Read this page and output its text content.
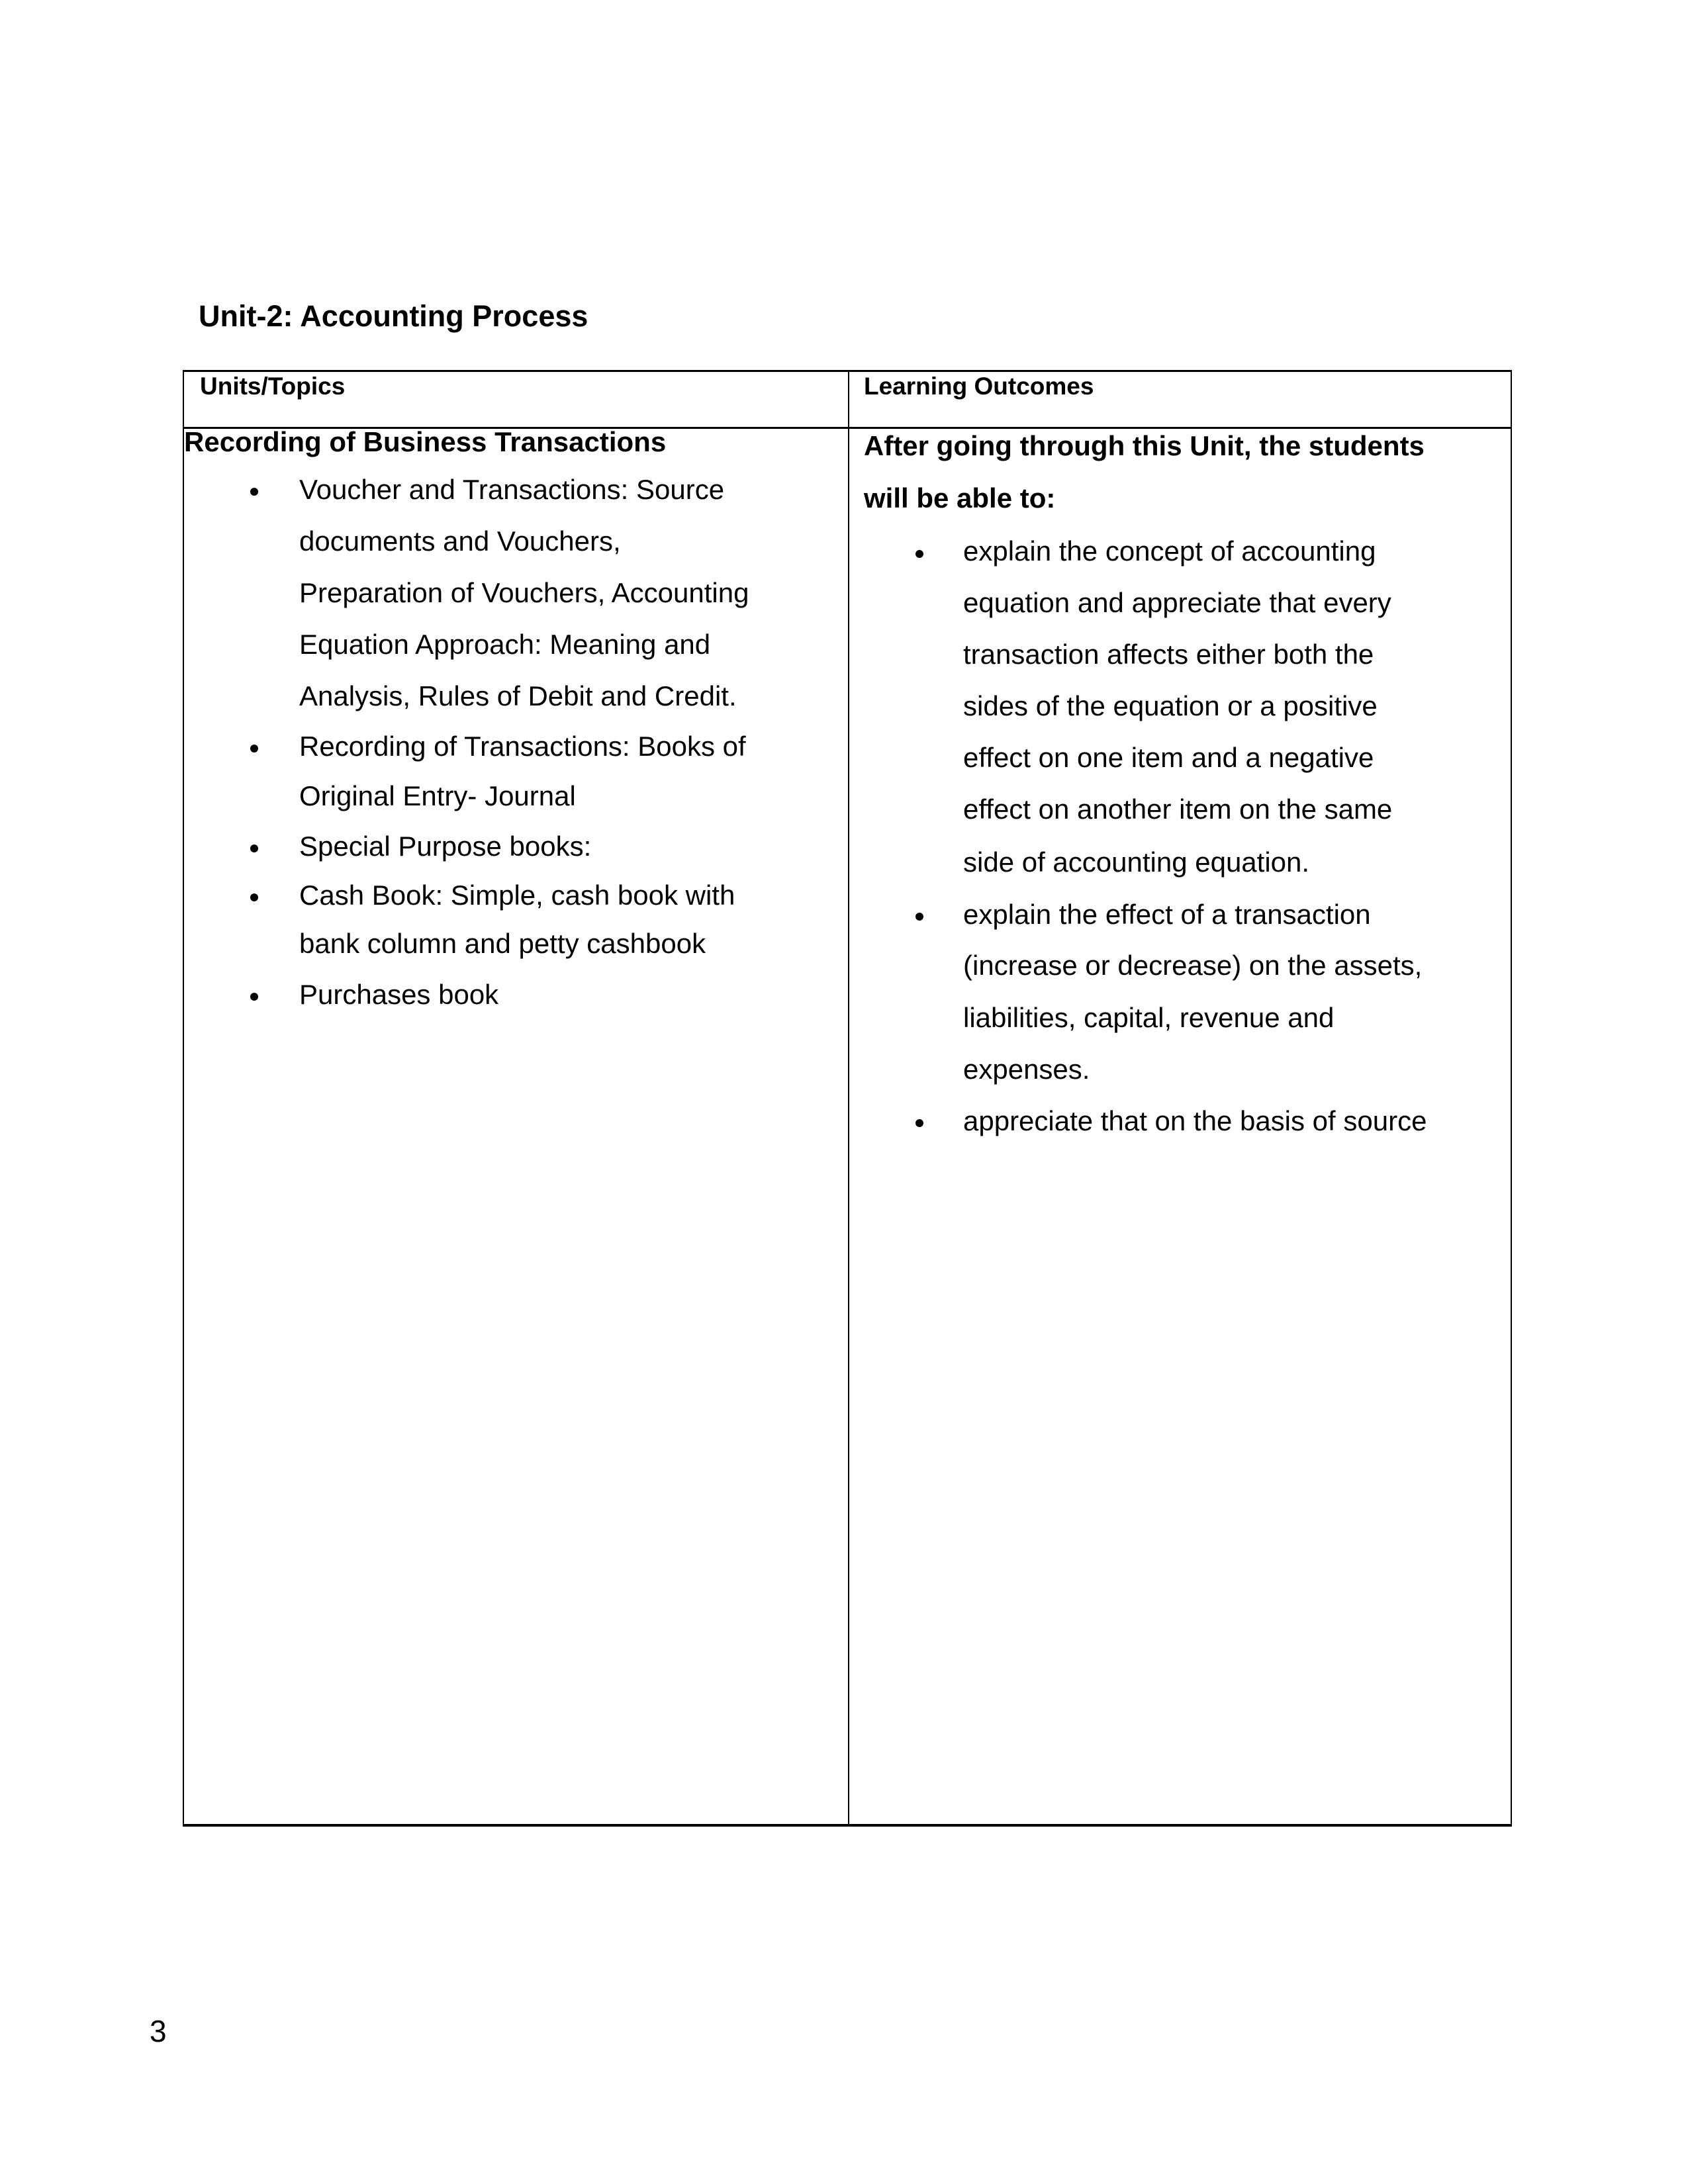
Unit-2: Accounting Process
Units/Topics	Learning Outcomes
Recording of Business Transactions
Voucher and Transactions: Source
documents and Vouchers,
Preparation of Vouchers, Accounting
Equation Approach: Meaning and
Analysis, Rules of Debit and Credit.
Recording of Transactions: Books of
Original Entry- Journal
Special Purpose books:
Cash Book: Simple, cash book with
bank column and petty cashbook
Purchases book
After going through this Unit, the students
will be able to:
explain the concept of accounting
equation and appreciate that every
transaction affects either both the
sides of the equation or a positive
effect on one item and a negative
effect on another item on the same
side of accounting equation.
explain the effect of a transaction
(increase or decrease) on the assets,
liabilities, capital, revenue and
expenses.
appreciate that on the basis of source
3
